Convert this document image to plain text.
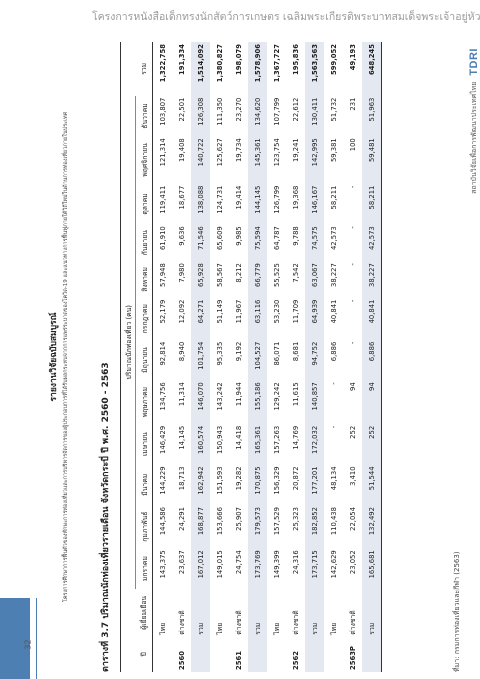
โครงการหนังสือเด็กทรงนักสัตว์การเกษตร เฉลิมพระเกียรติพระบาทสมเด็จพระเจ้าอยู่หัว
32
รายงานวิจัยฉบับสมบูรณ์ โครงการศึกษาการฟื้นตัวของทักษะการท่องเที่ยวและการบริหารจัดการของผู้ประกอบการที่ได้รับผลกระทบจากการแพร่ระบาดของโควิด-19 และแนวทางการฟื้นฟูภายใต้วิถีใหม่ในด้านการท่องเที่ยวภายในประเทศ	ตารางที่ 3.7 ปริมาณนักท่องเที่ยวรายเดือน จังหวัดกระบี่ ปี พ.ศ. 2560 - 2563
		ปริมาณนักท่องเที่ยว (คน)												
ปี	ผู้เยี่ยมเยือน	มกราคม	กุมภาพันธ์	มีนาคม	เมษายน	พฤษภาคม	มิถุนายน	กรกฎาคม	สิงหาคม	กันยายน	ตุลาคม	พฤศจิกายน	ธันวาคม	รวม
	ไทย	143,375	144,586	144,229	146,429	134,756	92,814	52,179	57,948	61,910	119,411	121,314	103,807	1,322,758
2560	ต่างชาติ	23,637	24,291	18,713	14,145	11,314	8,940	12,092	7,980	9,636	18,677	19,408	22,501	191,334
	รวม	167,012	168,877	162,942	160,574	146,070	101,754	64,271	65,928	71,546	138,088	140,722	126,308	1,514,092
	ไทย	149,015	153,666	151,593	150,943	143,242	95,335	51,149	58,567	65,609	124,731	125,627	111,350	1,380,827
2561	ต่างชาติ	24,754	25,907	19,282	14,418	11,944	9,192	11,967	8,212	9,985	19,414	19,734	23,270	198,079
	รวม	173,769	179,573	170,875	165,361	155,186	104,527	63,116	66,779	75,594	144,145	145,361	134,620	1,578,906
	ไทย	149,399	157,529	156,329	157,263	129,242	86,071	53,230	55,525	64,787	126,799	123,754	107,799	1,367,727
2562	ต่างชาติ	24,316	25,323	20,872	14,769	11,615	8,681	11,709	7,542	9,788	19,368	19,241	22,612	195,836
	รวม	173,715	182,852	177,201	172,032	140,857	94,752	64,939	63,067	74,575	146,167	142,995	130,411	1,563,563
	ไทย	142,629	110,438	48,134	-	-	6,886	40,841	38,227	42,573	58,211	59,381	51,732	599,052
2563P	ต่างชาติ	23,052	22,054	3,410	252	94	-	-	-	-	-	100	231	49,193
	รวม	165,681	132,492	51,544	252	94	6,886	40,841	38,227	42,573	58,211	59,481	51,963	648,245
ที่มา: กรมการท่องเที่ยวและกีฬา (2563)
สถาบันวิจัยเพื่อการพัฒนาประเทศไทย
TDRI
